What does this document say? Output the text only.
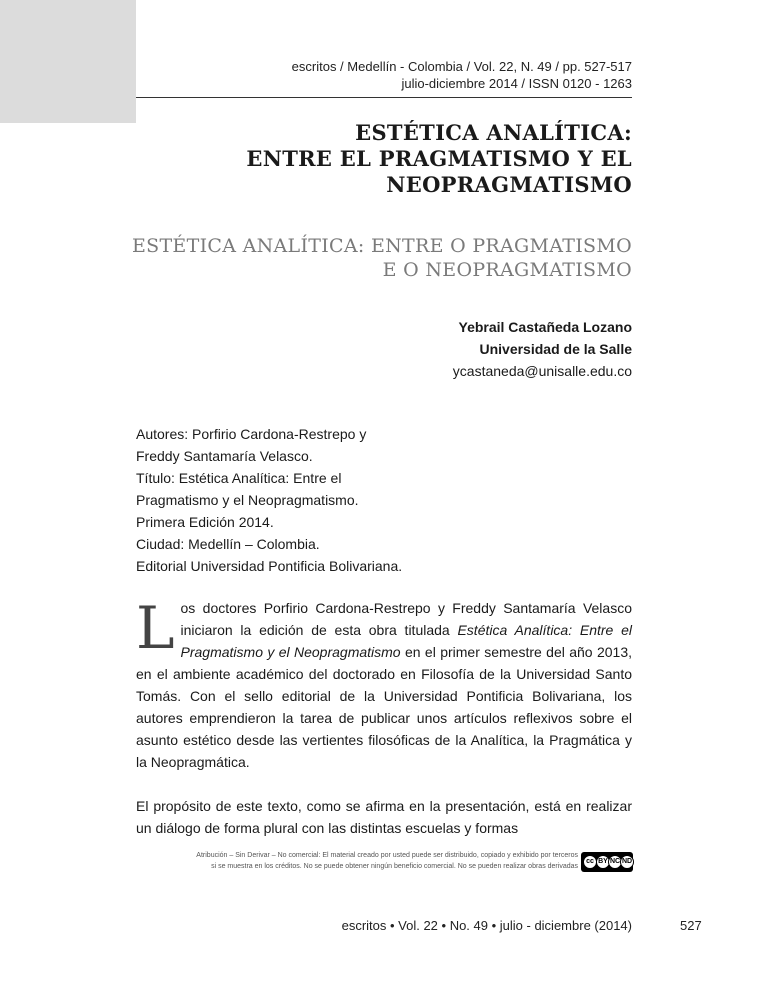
escritos / Medellín - Colombia / Vol. 22, N. 49 / pp. 527-517
julio-diciembre 2014 / ISSN 0120 - 1263
ESTÉTICA ANALÍTICA:
ENTRE EL PRAGMATISMO Y EL
NEOPRAGMATISMO
ESTÉTICA ANALÍTICA: ENTRE O PRAGMATISMO
E O NEOPRAGMATISMO
Yebrail Castañeda Lozano
Universidad de la Salle
ycastaneda@unisalle.edu.co
Autores: Porfirio Cardona-Restrepo y
Freddy Santamaría Velasco.
Título: Estética Analítica: Entre el
Pragmatismo y el Neopragmatismo.
Primera Edición 2014.
Ciudad: Medellín – Colombia.
Editorial Universidad Pontificia Bolivariana.

Los doctores Porfirio Cardona-Restrepo y Freddy Santamaría Velasco iniciaron la edición de esta obra titulada Estética Analítica: Entre el Pragmatismo y el Neopragmatismo en el primer semestre del año 2013, en el ambiente académico del doctorado en Filosofía de la Universidad Santo Tomás. Con el sello editorial de la Universidad Pontificia Bolivariana, los autores emprendieron la tarea de publicar unos artículos reflexivos sobre el asunto estético desde las vertientes filosóficas de la Analítica, la Pragmática y la Neopragmática.

El propósito de este texto, como se afirma en la presentación, está en realizar un diálogo de forma plural con las distintas escuelas y formas

Atribución – Sin Derivar – No comercial: El material creado por usted puede ser distribuido, copiado y exhibido por terceros
si se muestra en los créditos. No se puede obtener ningún beneficio comercial. No se pueden realizar obras derivadas
cc BY NC ND
escritos • Vol. 22 • No. 49 • julio - diciembre (2014)	527
